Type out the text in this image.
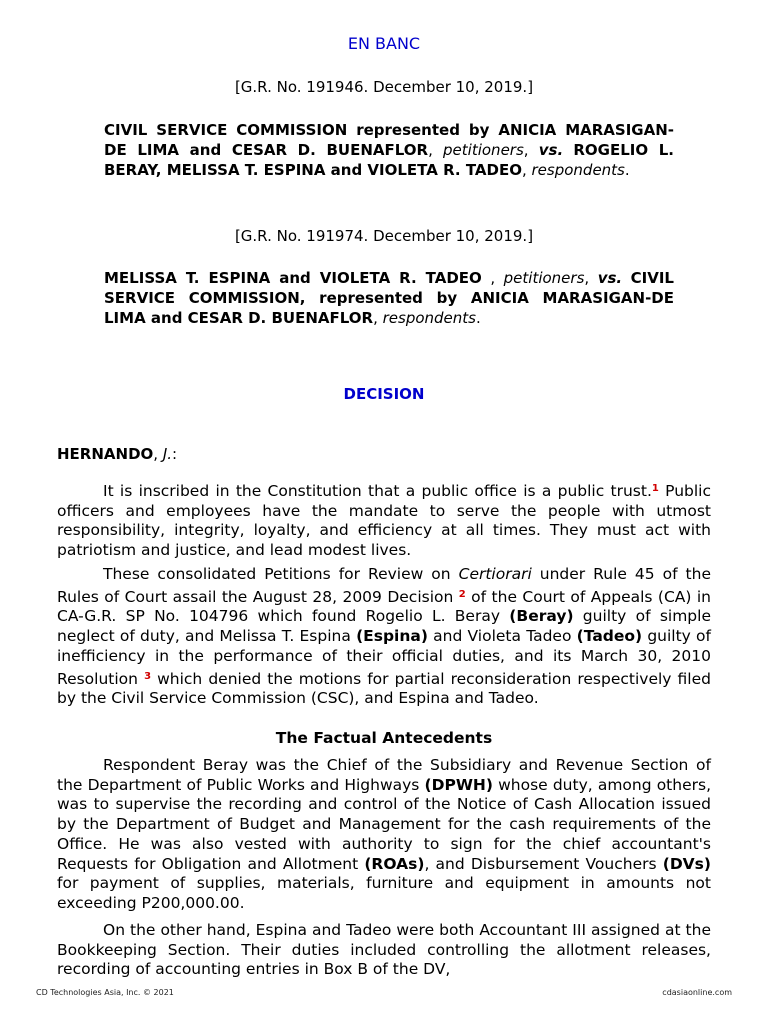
EN BANC
[G.R. No. 191946. December 10, 2019.]
CIVIL SERVICE COMMISSION represented by ANICIA MARASIGAN-DE LIMA and CESAR D. BUENAFLOR, petitioners, vs. ROGELIO L. BERAY, MELISSA T. ESPINA and VIOLETA R. TADEO, respondents.
[G.R. No. 191974. December 10, 2019.]
MELISSA T. ESPINA and VIOLETA R. TADEO , petitioners, vs. CIVIL SERVICE COMMISSION, represented by ANICIA MARASIGAN-DE LIMA and CESAR D. BUENAFLOR, respondents.
DECISION
HERNANDO, J.:

It is inscribed in the Constitution that a public office is a public trust.$^1$ Public officers and employees have the mandate to serve the people with utmost responsibility, integrity, loyalty, and efficiency at all times. They must act with patriotism and justice, and lead modest lives.

These consolidated Petitions for Review on Certiorari under Rule 45 of the Rules of Court assail the August 28, 2009 Decision $^2$ of the Court of Appeals (CA) in CA-G.R. SP No. 104796 which found Rogelio L. Beray (Beray) guilty of simple neglect of duty, and Melissa T. Espina (Espina) and Violeta Tadeo (Tadeo) guilty of inefficiency in the performance of their official duties, and its March 30, 2010 Resolution $^3$ which denied the motions for partial reconsideration respectively filed by the Civil Service Commission (CSC), and Espina and Tadeo.

The Factual Antecedents

Respondent Beray was the Chief of the Subsidiary and Revenue Section of the Department of Public Works and Highways (DPWH) whose duty, among others, was to supervise the recording and control of the Notice of Cash Allocation issued by the Department of Budget and Management for the cash requirements of the Office. He was also vested with authority to sign for the chief accountant's Requests for Obligation and Allotment (ROAs), and Disbursement Vouchers (DVs) for payment of supplies, materials, furniture and equipment in amounts not exceeding P200,000.00.

On the other hand, Espina and Tadeo were both Accountant III assigned at the Bookkeeping Section. Their duties included controlling the allotment releases, recording of accounting entries in Box B of the DV,

CD Technologies Asia, Inc. © 2021	cdasiaonline.com
